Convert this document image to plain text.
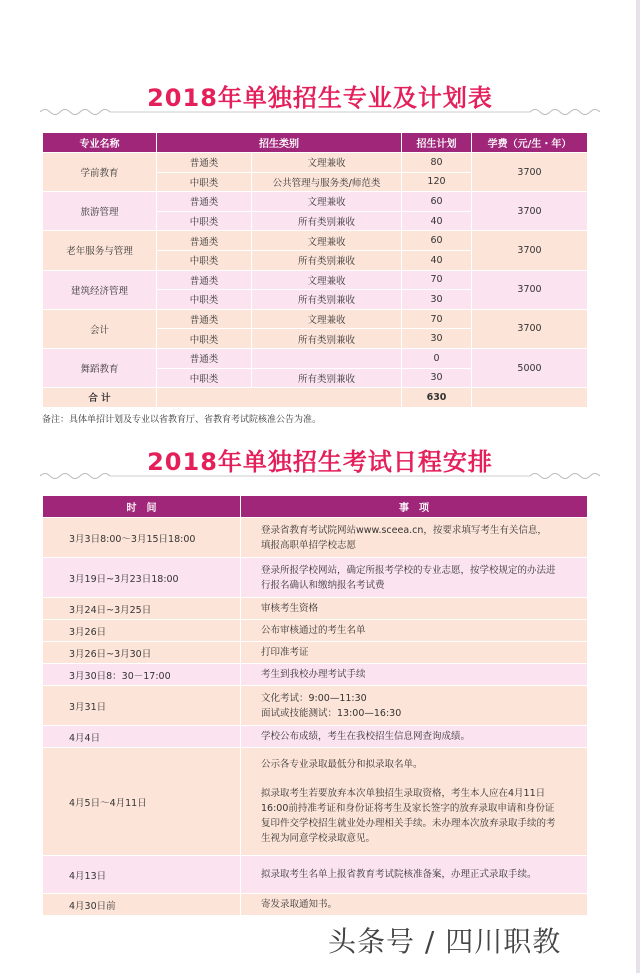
2018年单独招生专业及计划表
专业名称	招生类别		招生计划	学费（元/生・年）
学前教育	普通类	文理兼收	80	3700
	中职类	公共管理与服务类/师范类	120	
旅游管理	普通类	文理兼收	60	3700
	中职类	所有类别兼收	40	
老年服务与管理	普通类	文理兼收	60	3700
	中职类	所有类别兼收	40	
建筑经济管理	普通类	文理兼收	70	3700
	中职类	所有类别兼收	30	
会计	普通类	文理兼收	70	3700
	中职类	所有类别兼收	30	
舞蹈教育	普通类		0	5000
	中职类	所有类别兼收	30	
合 计			630	
备注：具体单招计划及专业以省教育厅、省教育考试院核准公告为准。
2018年单独招生考试日程安排
时　间	事　项
3月3日8:00～3月15日18:00	登录省教育考试院网站www.sceea.cn，按要求填写考生有关信息，
填报高职单招学校志愿

3月19日~3月23日18:00	登录所报学校网站，确定所报考学校的专业志愿，按学校规定的办法进
行报名确认和缴纳报名考试费

3月24日~3月25日	审核考生资格
3月26日	公布审核通过的考生名单
3月26日~3月30日	打印准考证
3月30日8：30－17:00	考生到我校办理考试手续
3月31日	文化考试：9:00—11:30
面试或技能测试：13:00—16:30

4月4日	学校公布成绩，考生在我校招生信息网查询成绩。
4月5日～4月11日	公示各专业录取最低分和拟录取名单。
拟录取考生若要放弃本次单独招生录取资格，考生本人应在4月11日
16:00前持准考证和身份证将考生及家长签字的放弃录取申请和身份证
复印件交学校招生就业处办理相关手续。未办理本次放弃录取手续的考
生视为同意学校录取意见。

4月13日	拟录取考生名单上报省教育考试院核准备案，办理正式录取手续。
4月30日前	寄发录取通知书。
头条号 / 四川职教
